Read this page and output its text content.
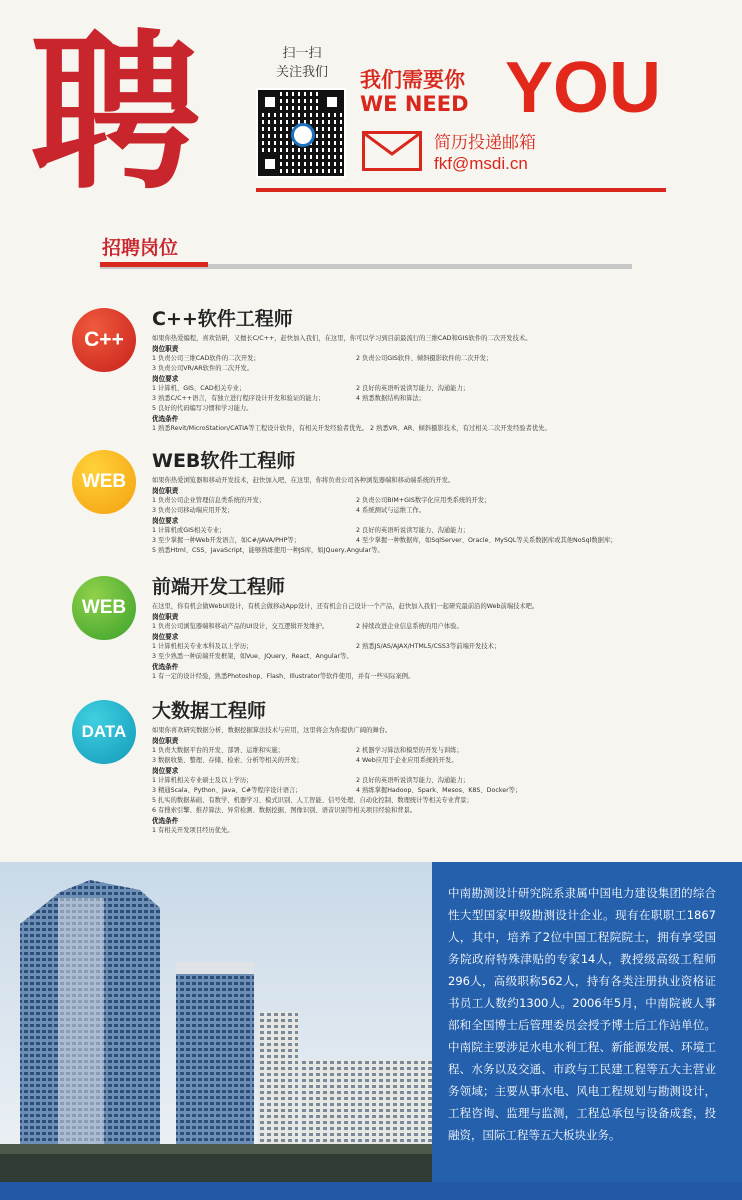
聘	扫一扫
关注我们	我们需要你
WE NEED YOU
简历投递邮箱
fkf@msdi.cn
招聘岗位
C++
C++软件工程师
如果你热爱编程，喜欢钻研，又擅长C/C++，赶快加入我们，在这里，你可以学习到目前最流行的三维CAD和GIS软件的二次开发技术。
岗位职责
1 负责公司三维CAD软件的二次开发；	2 负责公司GIS软件、倾斜摄影软件的二次开发；
3 负责公司VR/AR软件的二次开发。
岗位要求
1 计算机、GIS、CAD相关专业；	2 良好的英语听说读写能力、沟通能力；
3 熟悉C/C++语言，有独立进行程序设计开发和验证的能力；	4 熟悉数据结构和算法；
5 良好的代码编写习惯和学习能力。
优选条件
1 熟悉Revit/MicroStation/CATIA等工程设计软件，有相关开发经验者优先。 2 熟悉VR、AR、倾斜摄影技术，有过相关二次开发经验者优先。
WEB
WEB软件工程师
如果你热爱浏览器和移动开发技术，赶快加入吧，在这里，你将负责公司各种浏览器端和移动端系统的开发。
岗位职责
1 负责公司企业管理信息类系统的开发；	2 负责公司BIM+GIS数字化应用类系统的开发；
3 负责公司移动端应用开发；	4 系统测试与运维工作。
岗位要求
1 计算机或GIS相关专业；	2 良好的英语听说读写能力、沟通能力；
3 至少掌握一种Web开发语言，如C#/JAVA/PHP等；	4 至少掌握一种数据库，如SqlServer、Oracle、MySQL等关系数据库或其他NoSql数据库；
5 熟悉Html、CSS、JavaScript，能够熟练使用一种JS库，如JQuery,Angular等。
WEB
前端开发工程师
在这里，你有机会做WebUI设计，有机会做移动App设计，还有机会自己设计一个产品，赶快加入我们一起研究最前沿的Web前端技术吧。
岗位职责
1 负责公司浏览器端和移动产品的UI设计，交互逻辑开发维护。	2 持续改进企业信息系统的用户体验。
岗位要求
1 计算机相关专业本科及以上学历；	2 熟悉JS/AS/AJAX/HTML5/CSS3等前端开发技术；
3 至少熟悉一种前端开发框架，如Vue、JQuery、React、Angular等。
优选条件
1 有一定的设计经验，熟悉Photoshop、Flash、Illustrator等软件使用，并有一些实际案例。
DATA
大数据工程师
如果你喜欢研究数据分析、数据挖掘算法技术与应用，这里将会为你提供广阔的舞台。
岗位职责
1 负责大数据平台的开发、部署、运维和实施；	2 机器学习算法和模型的开发与训练；
3 数据收集、整理、存储、检索、分析等相关的开发；	4 Web应用于企业应用系统的开发。
岗位要求
1 计算机相关专业硕士及以上学历；	2 良好的英语听说读写能力、沟通能力；
3 精通Scala、Python、Java、C#等程序设计语言；	4 熟练掌握Hadoop、Spark、Mesos、K8S、Docker等；
5 扎实的数据基础、有数学、机器学习、模式识别、人工智能、信号处理、自动化控制、数理统计等相关专业背景；
6 有搜索引擎、推荐算法、异常检测、数据挖掘、图像识别、语音识别等相关项目经验和背景。
优选条件
1 有相关开发项目经历优先。
中南勘测设计研究院系隶属中国电力建设集团的综合性大型国家甲级勘测设计企业。现有在职职工1867人，其中，培养了2位中国工程院院士，拥有享受国务院政府特殊津贴的专家14人，教授级高级工程师296人，高级职称562人，持有各类注册执业资格证书员工人数约1300人。2006年5月，中南院被人事部和全国博士后管理委员会授予博士后工作站单位。 中南院主要涉足水电水利工程、新能源发展、环境工程、水务以及交通、市政与工民建工程等五大主营业务领域；主要从事水电、风电工程规划与勘测设计，工程咨询、监理与监测，工程总承包与设备成套，投融资，国际工程等五大板块业务。
